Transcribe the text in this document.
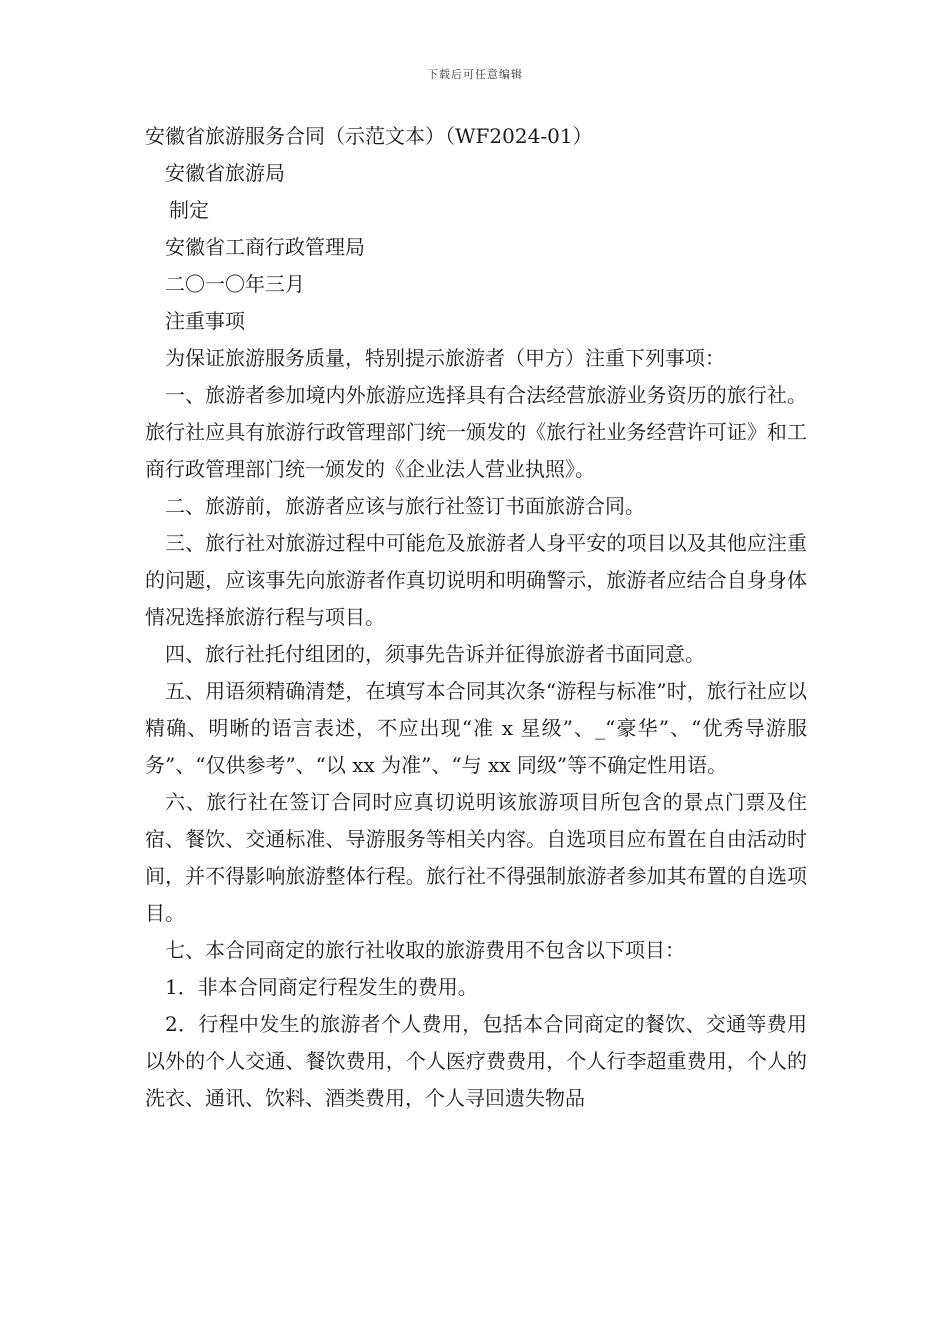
下载后可任意编辑

安徽省旅游服务合同（示范文本）（WF2024-01）

安徽省旅游局

制定

安徽省工商行政管理局

二〇一〇年三月

注重事项

为保证旅游服务质量，特别提示旅游者（甲方）注重下列事项：

一、旅游者参加境内外旅游应选择具有合法经营旅游业务资历的旅行社。旅行社应具有旅游行政管理部门统一颁发的《旅行社业务经营许可证》和工商行政管理部门统一颁发的《企业法人营业执照》。

二、旅游前，旅游者应该与旅行社签订书面旅游合同。

三、旅行社对旅游过程中可能危及旅游者人身平安的项目以及其他应注重的问题，应该事先向旅游者作真切说明和明确警示，旅游者应结合自身身体情况选择旅游行程与项目。

四、旅行社托付组团的，须事先告诉并征得旅游者书面同意。

五、用语须精确清楚，在填写本合同其次条“游程与标准”时，旅行社应以精确、明晰的语言表述，不应出现“准 x 星级”、_“豪华”、“优秀导游服务”、“仅供参考”、“以 xx 为准”、“与 xx 同级”等不确定性用语。

六、旅行社在签订合同时应真切说明该旅游项目所包含的景点门票及住宿、餐饮、交通标准、导游服务等相关内容。自选项目应布置在自由活动时间，并不得影响旅游整体行程。旅行社不得强制旅游者参加其布置的自选项目。

七、本合同商定的旅行社收取的旅游费用不包含以下项目：

1．非本合同商定行程发生的费用。

2．行程中发生的旅游者个人费用，包括本合同商定的餐饮、交通等费用以外的个人交通、餐饮费用，个人医疗费费用，个人行李超重费用，个人的洗衣、通讯、饮料、酒类费用，个人寻回遗失物品
